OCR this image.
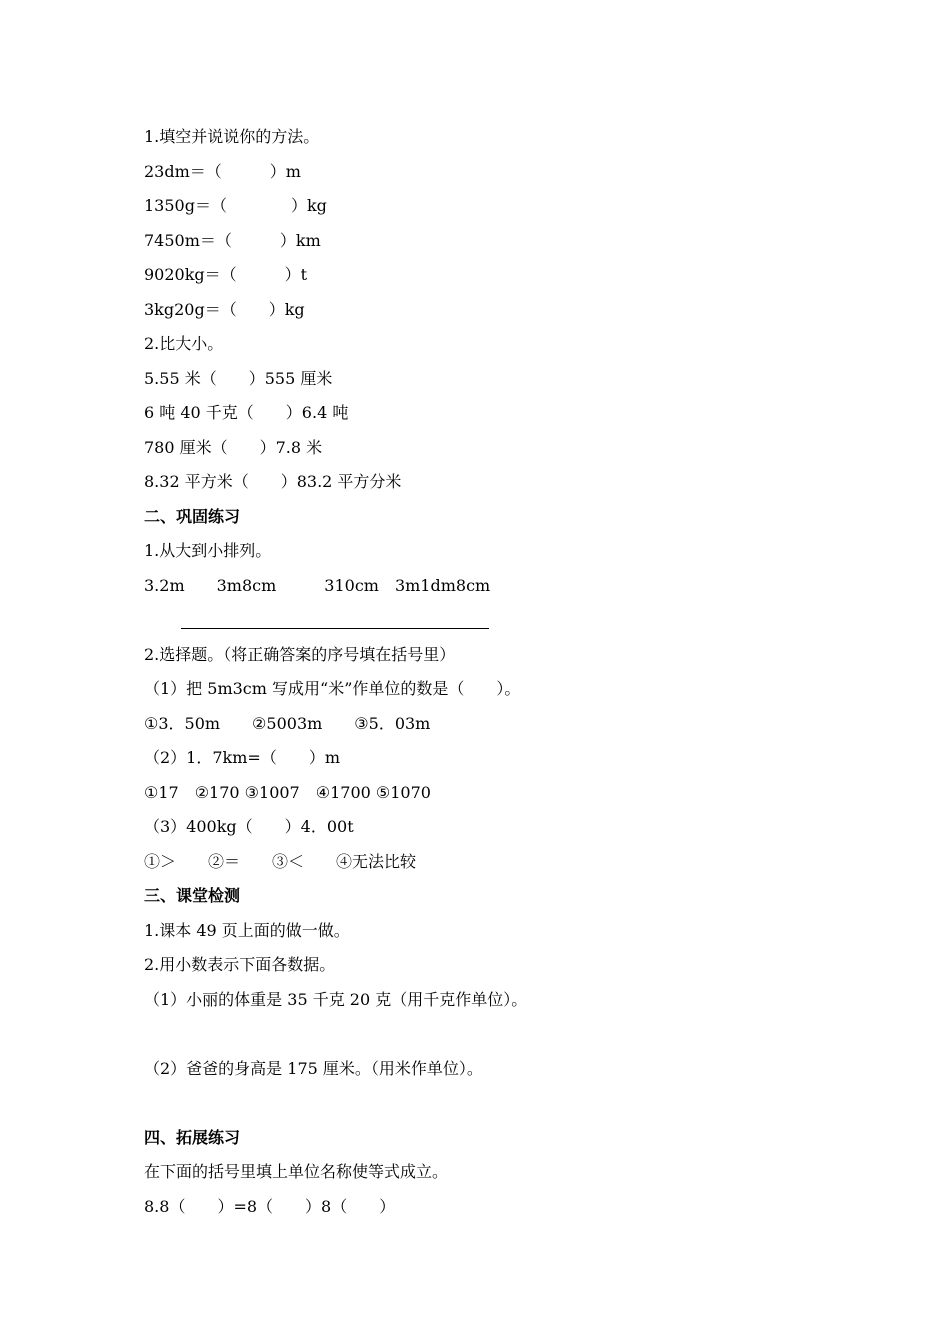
1.填空并说说你的方法。
23dm＝（　　　）m
1350g＝（　　　　）kg
7450m＝（　　　）km
9020kg＝（　　　）t
3kg20g＝（　　）kg
2.比大小。
5.55 米（　　）555 厘米
6 吨 40 千克（　　）6.4 吨
780 厘米（　　）7.8 米
8.32 平方米（　　）83.2 平方分米
二、巩固练习
1.从大到小排列。
3.2m　　3m8cm　　　310cm　3m1dm8cm
2.选择题。（将正确答案的序号填在括号里）
（1）把 5m3cm 写成用“米”作单位的数是（　　）。
①3．50m　　②5003m　　③5．03m
（2）1．7km=（　　）m
①17　②170 ③1007　④1700 ⑤1070
（3）400kg（　　）4．00t
①＞　　②＝　　③＜　　④无法比较
三、课堂检测
1.课本 49 页上面的做一做。
2.用小数表示下面各数据。
（1）小丽的体重是 35 千克 20 克（用千克作单位）。
（2）爸爸的身高是 175 厘米。（用米作单位）。
四、拓展练习
在下面的括号里填上单位名称使等式成立。
8.8（　　）=8（　　）8（　　）
